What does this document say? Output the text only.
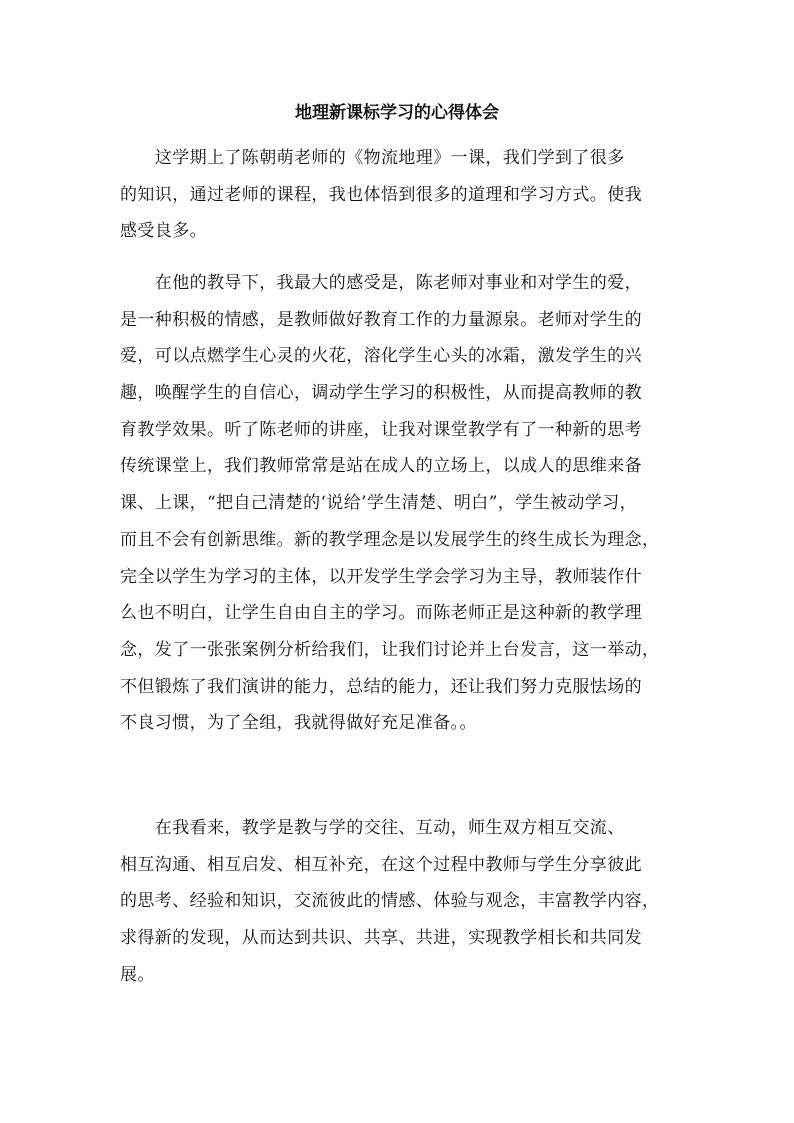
地理新课标学习的心得体会

　　这学期上了陈朝萌老师的《物流地理》一课，我们学到了很多
的知识，通过老师的课程，我也体悟到很多的道理和学习方式。使我
感受良多。

　　在他的教导下，我最大的感受是，陈老师对事业和对学生的爱，
是一种积极的情感，是教师做好教育工作的力量源泉。老师对学生的
爱，可以点燃学生心灵的火花，溶化学生心头的冰霜，激发学生的兴
趣，唤醒学生的自信心，调动学生学习的积极性，从而提高教师的教
育教学效果。听了陈老师的讲座，让我对课堂教学有了一种新的思考
传统课堂上，我们教师常常是站在成人的立场上，以成人的思维来备
课、上课，“把自己清楚的‘说给’学生清楚、明白”，学生被动学习，
而且不会有创新思维。新的教学理念是以发展学生的终生成长为理念，
完全以学生为学习的主体，以开发学生学会学习为主导，教师装作什
么也不明白，让学生自由自主的学习。而陈老师正是这种新的教学理
念，发了一张张案例分析给我们，让我们讨论并上台发言，这一举动，
不但锻炼了我们演讲的能力，总结的能力，还让我们努力克服怯场的
不良习惯，为了全组，我就得做好充足准备。。

　　在我看来，教学是教与学的交往、互动，师生双方相互交流、
相互沟通、相互启发、相互补充，在这个过程中教师与学生分享彼此
的思考、经验和知识，交流彼此的情感、体验与观念，丰富教学内容，
求得新的发现，从而达到共识、共享、共进，实现教学相长和共同发
展。
